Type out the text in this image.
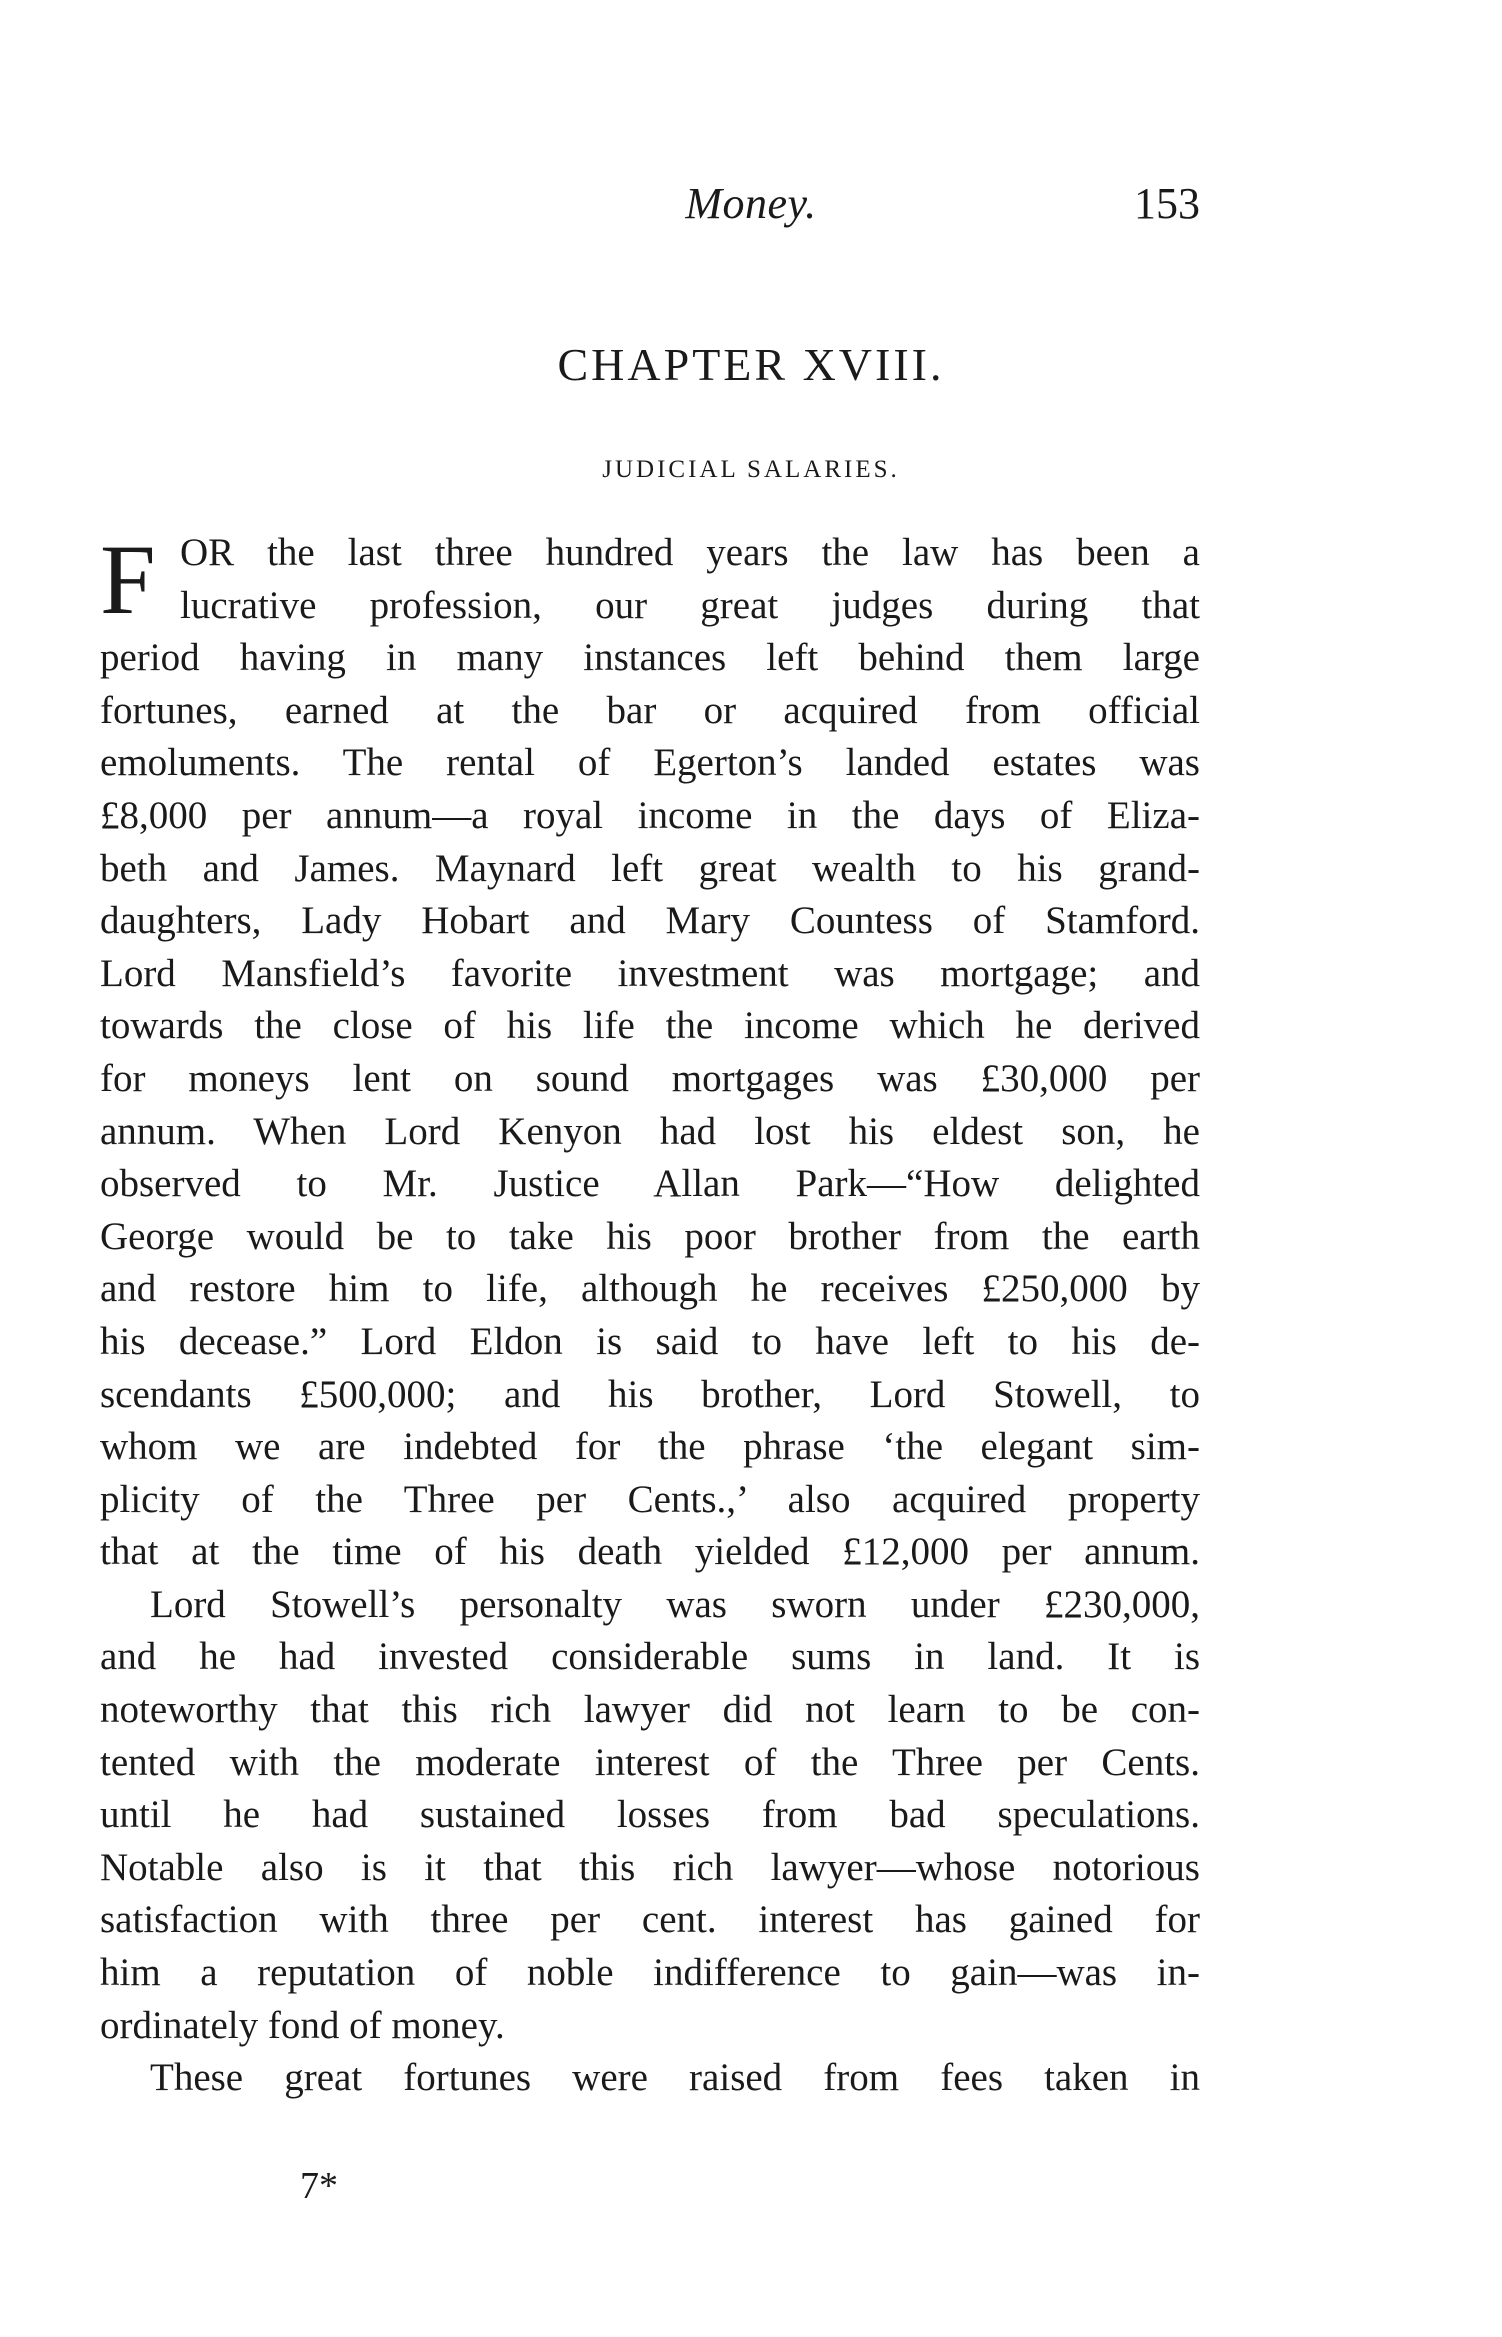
Money.	153
CHAPTER XVIII.
JUDICIAL SALARIES.
F OR the last three hundred years the law has been a
lucrative profession, our great judges during that
period having in many instances left behind them large
fortunes, earned at the bar or acquired from official
emoluments. The rental of Egerton’s landed estates was
£8,000 per annum—a royal income in the days of Eliza-
beth and James. Maynard left great wealth to his grand-
daughters, Lady Hobart and Mary Countess of Stamford.
Lord Mansfield’s favorite investment was mortgage; and
towards the close of his life the income which he derived
for moneys lent on sound mortgages was £30,000 per
annum. When Lord Kenyon had lost his eldest son, he
observed to Mr. Justice Allan Park—“How delighted
George would be to take his poor brother from the earth
and restore him to life, although he receives £250,000 by
his decease.” Lord Eldon is said to have left to his de-
scendants £500,000; and his brother, Lord Stowell, to
whom we are indebted for the phrase ‘the elegant sim-
plicity of the Three per Cents.,’ also acquired property
that at the time of his death yielded £12,000 per annum.
Lord Stowell’s personalty was sworn under £230,000,
and he had invested considerable sums in land. It is
noteworthy that this rich lawyer did not learn to be con-
tented with the moderate interest of the Three per Cents.
until he had sustained losses from bad speculations.
Notable also is it that this rich lawyer—whose notorious
satisfaction with three per cent. interest has gained for
him a reputation of noble indifference to gain—was in-
ordinately fond of money.
These great fortunes were raised from fees taken in
7*
